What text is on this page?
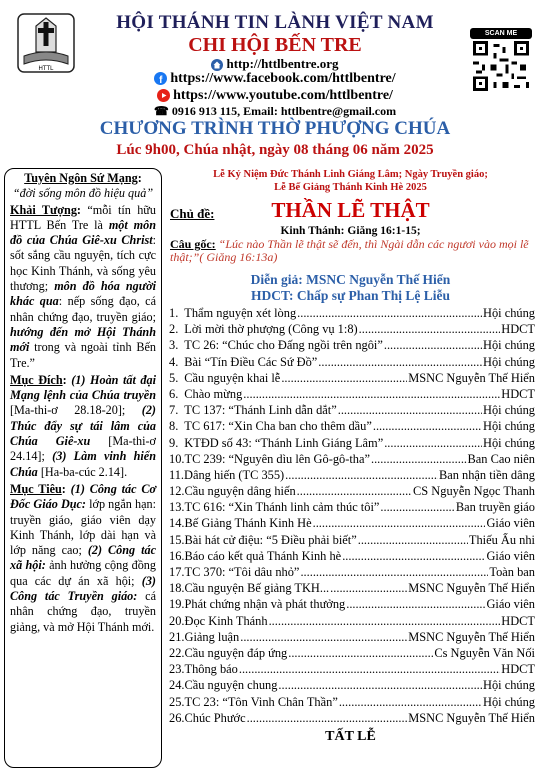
HTTL
HỘI THÁNH TIN LÀNH VIỆT NAM
CHI HỘI BẾN TRE
http://httlbentre.org
f https://www.facebook.com/httlbentre/
https://www.youtube.com/httlbentre/
☎ 0916 913 115, Email: httlbentre@gmail.com
CHƯƠNG TRÌNH THỜ PHƯỢNG CHÚA
Lúc 9h00, Chúa nhật, ngày 08 tháng 06 năm 2025
SCAN ME

Tuyên Ngôn Sứ Mạng:

“đời sống môn đồ hiệu quả”

Khải Tượng: “mỗi tín hữu HTTL Bến Tre là một môn đồ của Chúa Giê-xu Christ: sốt sắng cầu nguyện, tích cực học Kinh Thánh, và sống yêu thương; môn đồ hóa người khác qua: nếp sống đạo, cá nhân chứng đạo, truyền giáo; hướng đến mở Hội Thánh mới trong và ngoài tỉnh Bến Tre.”

Mục Đích: (1) Hoàn tất đại Mạng lệnh của Chúa truyền [Ma-thi-ơ 28.18-20]; (2) Thúc đẩy sự tái lâm của Chúa Giê-xu [Ma-thi-ơ 24.14]; (3) Làm vinh hiển Chúa [Ha-ba-cúc 2.14].

Mục Tiêu: (1) Công tác Cơ Đốc Giáo Dục: lớp ngắn hạn: truyền giáo, giáo viên dạy Kinh Thánh, lớp dài hạn và lớp năng cao; (2) Công tác xã hội: ảnh hưởng cộng đồng qua các dự án xã hội; (3) Công tác Truyền giáo: cá nhân chứng đạo, truyền giảng, và mở Hội Thánh mới.

Lễ Kỷ Niệm Đức Thánh Linh Giáng Lâm; Ngày Truyền giáo;
Lễ Bế Giảng Thánh Kinh Hè 2025
THẦN LẼ THẬT
Chủ đề:
Kinh Thánh: Giăng 16:1-15;
Câu gốc: “Lúc nào Thần lẽ thật sẽ đến, thì Ngài dẫn các ngươi vào mọi lẽ thật;”( Giăng 16:13a)
Diễn giả: MSNC Nguyễn Thế Hiển
HDCT: Chấp sự Phan Thị Lệ Liễu
1. Thẩm nguyện xét lòng .....	Hội chúng
2. Lời mời thờ phượng (Công vụ 1:8) .....	HDCT
3. TC 26: “Chúc cho Đấng ngồi trên ngôi” .....	Hội chúng
4. Bài “Tín Điều Các Sứ Đồ” .....	Hội chúng
5. Cầu nguyện khai lễ .....	MSNC Nguyễn Thế Hiển
6. Chào mừng .....	HDCT
7. TC 137: “Thánh Linh dẫn dắt” .....	Hội chúng
8. TC 617: “Xin Cha ban cho thêm dầu” .....	Hội chúng
9. KTĐD số 43: “Thánh Linh Giáng Lâm” .....	Hội chúng
10. TC 239: “Nguyên dìu lên Gô-gô-tha” .....	Ban Cao niên
11. Dâng hiến (TC 355) .....	Ban nhận tiền dâng
12. Cầu nguyện dâng hiến .....	CS Nguyễn Ngọc Thanh
13. TC 616: “Xin Thánh linh cảm thúc tôi” .....	Ban truyền giáo
14. Bế Giảng Thánh Kinh Hè .....	Giáo viên
15. Bài hát cử điệu: “5 Điều phải biết” .....	Thiếu Ấu nhi
16. Báo cáo kết quả Thánh Kinh hè .....	Giáo viên
17. TC 370: “Tôi dâu nhỏ” .....	Toàn ban
18. Cầu nguyện Bế giảng TKH... .....	MSNC Nguyễn Thế Hiển
19. Phát chứng nhận và phát thưởng .....	Giáo viên
20. Đọc Kinh Thánh .....	HDCT
21. Giảng luận .....	MSNC Nguyễn Thế Hiển
22. Cầu nguyện đáp ứng .....	Cs Nguyễn Văn Nối
23. Thông báo .....	HDCT
24. Cầu nguyện chung .....	Hội chúng
25. TC 23: “Tôn Vinh Chân Thần” .....	Hội chúng
26. Chúc Phước .....	MSNC Nguyễn Thế Hiển
TẤT LỄ
